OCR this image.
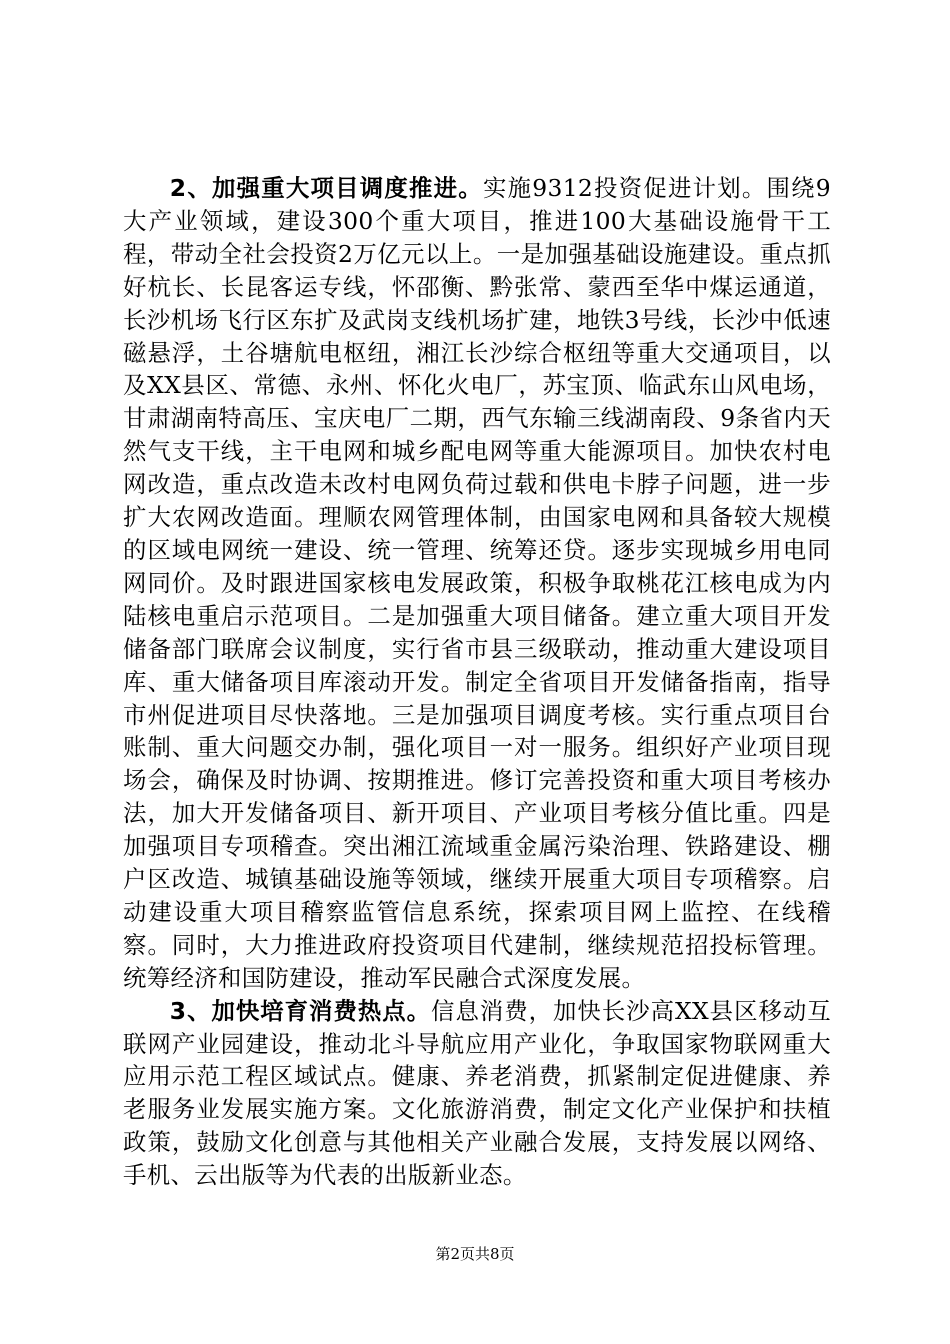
2、加强重大项目调度推进。实施9312投资促进计划。围绕9大产业领域，建设300个重大项目，推进100大基础设施骨干工程，带动全社会投资2万亿元以上。一是加强基础设施建设。重点抓好杭长、长昆客运专线，怀邵衡、黔张常、蒙西至华中煤运通道，长沙机场飞行区东扩及武岗支线机场扩建，地铁3号线，长沙中低速磁悬浮，土谷塘航电枢纽，湘江长沙综合枢纽等重大交通项目，以及XX县区、常德、永州、怀化火电厂，苏宝顶、临武东山风电场，甘肃湖南特高压、宝庆电厂二期，西气东输三线湖南段、9条省内天然气支干线，主干电网和城乡配电网等重大能源项目。加快农村电网改造，重点改造未改村电网负荷过载和供电卡脖子问题，进一步扩大农网改造面。理顺农网管理体制，由国家电网和具备较大规模的区域电网统一建设、统一管理、统筹还贷。逐步实现城乡用电同网同价。及时跟进国家核电发展政策，积极争取桃花江核电成为内陆核电重启示范项目。二是加强重大项目储备。建立重大项目开发储备部门联席会议制度，实行省市县三级联动，推动重大建设项目库、重大储备项目库滚动开发。制定全省项目开发储备指南，指导市州促进项目尽快落地。三是加强项目调度考核。实行重点项目台账制、重大问题交办制，强化项目一对一服务。组织好产业项目现场会，确保及时协调、按期推进。修订完善投资和重大项目考核办法，加大开发储备项目、新开项目、产业项目考核分值比重。四是加强项目专项稽查。突出湘江流域重金属污染治理、铁路建设、棚户区改造、城镇基础设施等领域，继续开展重大项目专项稽察。启动建设重大项目稽察监管信息系统，探索项目网上监控、在线稽察。同时，大力推进政府投资项目代建制，继续规范招投标管理。统筹经济和国防建设，推动军民融合式深度发展。

3、加快培育消费热点。信息消费，加快长沙高XX县区移动互联网产业园建设，推动北斗导航应用产业化，争取国家物联网重大应用示范工程区域试点。健康、养老消费，抓紧制定促进健康、养老服务业发展实施方案。文化旅游消费，制定文化产业保护和扶植政策，鼓励文化创意与其他相关产业融合发展，支持发展以网络、手机、云出版等为代表的出版新业态。

第2页共8页
